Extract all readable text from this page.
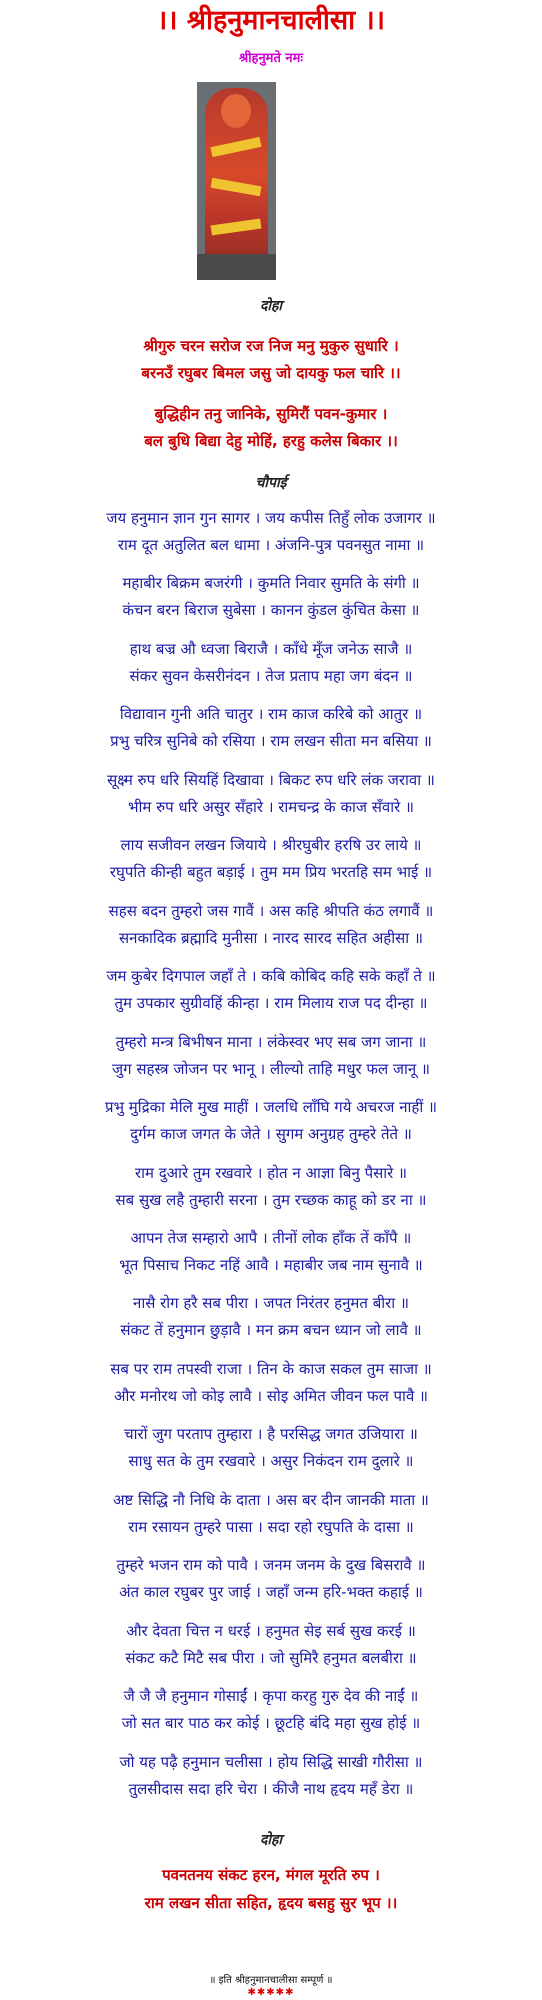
।। श्रीहनुमानचालीसा ।।
श्रीहनुमते नमः
दोहा
श्रीगुरु चरन सरोज रज निज मनु मुकुरु सुधारि ।
बरनउँ रघुबर बिमल जसु जो दायकु फल चारि ।।
बुद्धिहीन तनु जानिके, सुमिरौं पवन-कुमार ।
बल बुधि बिद्या देहु मोहिं, हरहु कलेस बिकार ।।
चौपाई
जय हनुमान ज्ञान गुन सागर । जय कपीस तिहुँ लोक उजागर ॥
राम दूत अतुलित बल धामा । अंजनि-पुत्र पवनसुत नामा ॥
महाबीर बिक्रम बजरंगी । कुमति निवार सुमति के संगी ॥
कंचन बरन बिराज सुबेसा । कानन कुंडल कुंचित केसा ॥
हाथ बज्र औ ध्वजा बिराजै । काँधे मूँज जनेऊ साजै ॥
संकर सुवन केसरीनंदन । तेज प्रताप महा जग बंदन ॥
विद्यावान गुनी अति चातुर । राम काज करिबे को आतुर ॥
प्रभु चरित्र सुनिबे को रसिया । राम लखन सीता मन बसिया ॥
सूक्ष्म रुप धरि सियहिं दिखावा । बिकट रुप धरि लंक जरावा ॥
भीम रुप धरि असुर सँहारे । रामचन्द्र के काज सँवारे ॥
लाय सजीवन लखन जियाये । श्रीरघुबीर हरषि उर लाये ॥
रघुपति कीन्ही बहुत बड़ाई । तुम मम प्रिय भरतहि सम भाई ॥
सहस बदन तुम्हरो जस गावैं । अस कहि श्रीपति कंठ लगावैं ॥
सनकादिक ब्रह्मादि मुनीसा । नारद सारद सहित अहीसा ॥
जम कुबेर दिगपाल जहाँ ते । कबि कोबिद कहि सके कहाँ ते ॥
तुम उपकार सुग्रीवहिं कीन्हा । राम मिलाय राज पद दीन्हा ॥
तुम्हरो मन्त्र बिभीषन माना । लंकेस्वर भए सब जग जाना ॥
जुग सहस्त्र जोजन पर भानू । लील्यो ताहि मधुर फल जानू ॥
प्रभु मुद्रिका मेलि मुख माहीं । जलधि लाँघि गये अचरज नाहीं ॥
दुर्गम काज जगत के जेते । सुगम अनुग्रह तुम्हरे तेते ॥
राम दुआरे तुम रखवारे । होत न आज्ञा बिनु पैसारे ॥
सब सुख लहै तुम्हारी सरना । तुम रच्छक काहू को डर ना ॥
आपन तेज सम्हारो आपै । तीनों लोक हाँक तें काँपै ॥
भूत पिसाच निकट नहिं आवै । महाबीर जब नाम सुनावै ॥
नासै रोग हरै सब पीरा । जपत निरंतर हनुमत बीरा ॥
संकट तें हनुमान छुड़ावै । मन क्रम बचन ध्यान जो लावै ॥
सब पर राम तपस्वी राजा । तिन के काज सकल तुम साजा ॥
और मनोरथ जो कोइ लावै । सोइ अमित जीवन फल पावै ॥
चारों जुग परताप तुम्हारा । है परसिद्ध जगत उजियारा ॥
साधु सत के तुम रखवारे । असुर निकंदन राम दुलारे ॥
अष्ट सिद्धि नौ निधि के दाता । अस बर दीन जानकी माता ॥
राम रसायन तुम्हरे पासा । सदा रहो रघुपति के दासा ॥
तुम्हरे भजन राम को पावै । जनम जनम के दुख बिसरावै ॥
अंत काल रघुबर पुर जाई । जहाँ जन्म हरि-भक्त कहाई ॥
और देवता चित्त न धरई । हनुमत सेइ सर्ब सुख करई ॥
संकट कटै मिटै सब पीरा । जो सुमिरै हनुमत बलबीरा ॥
जै जै जै हनुमान गोसाईं । कृपा करहु गुरु देव की नाईं ॥
जो सत बार पाठ कर कोई । छूटहि बंदि महा सुख होई ॥
जो यह पढ़ै हनुमान चलीसा । होय सिद्धि साखी गौरीसा ॥
तुलसीदास सदा हरि चेरा । कीजै नाथ हृदय महँ डेरा ॥
दोहा
पवनतनय संकट हरन, मंगल मूरति रुप ।
राम लखन सीता सहित, हृदय बसहु सुर भूप ।।
॥ इति श्रीहनुमानचालीसा सम्पूर्ण ॥
✱✱✱✱✱
